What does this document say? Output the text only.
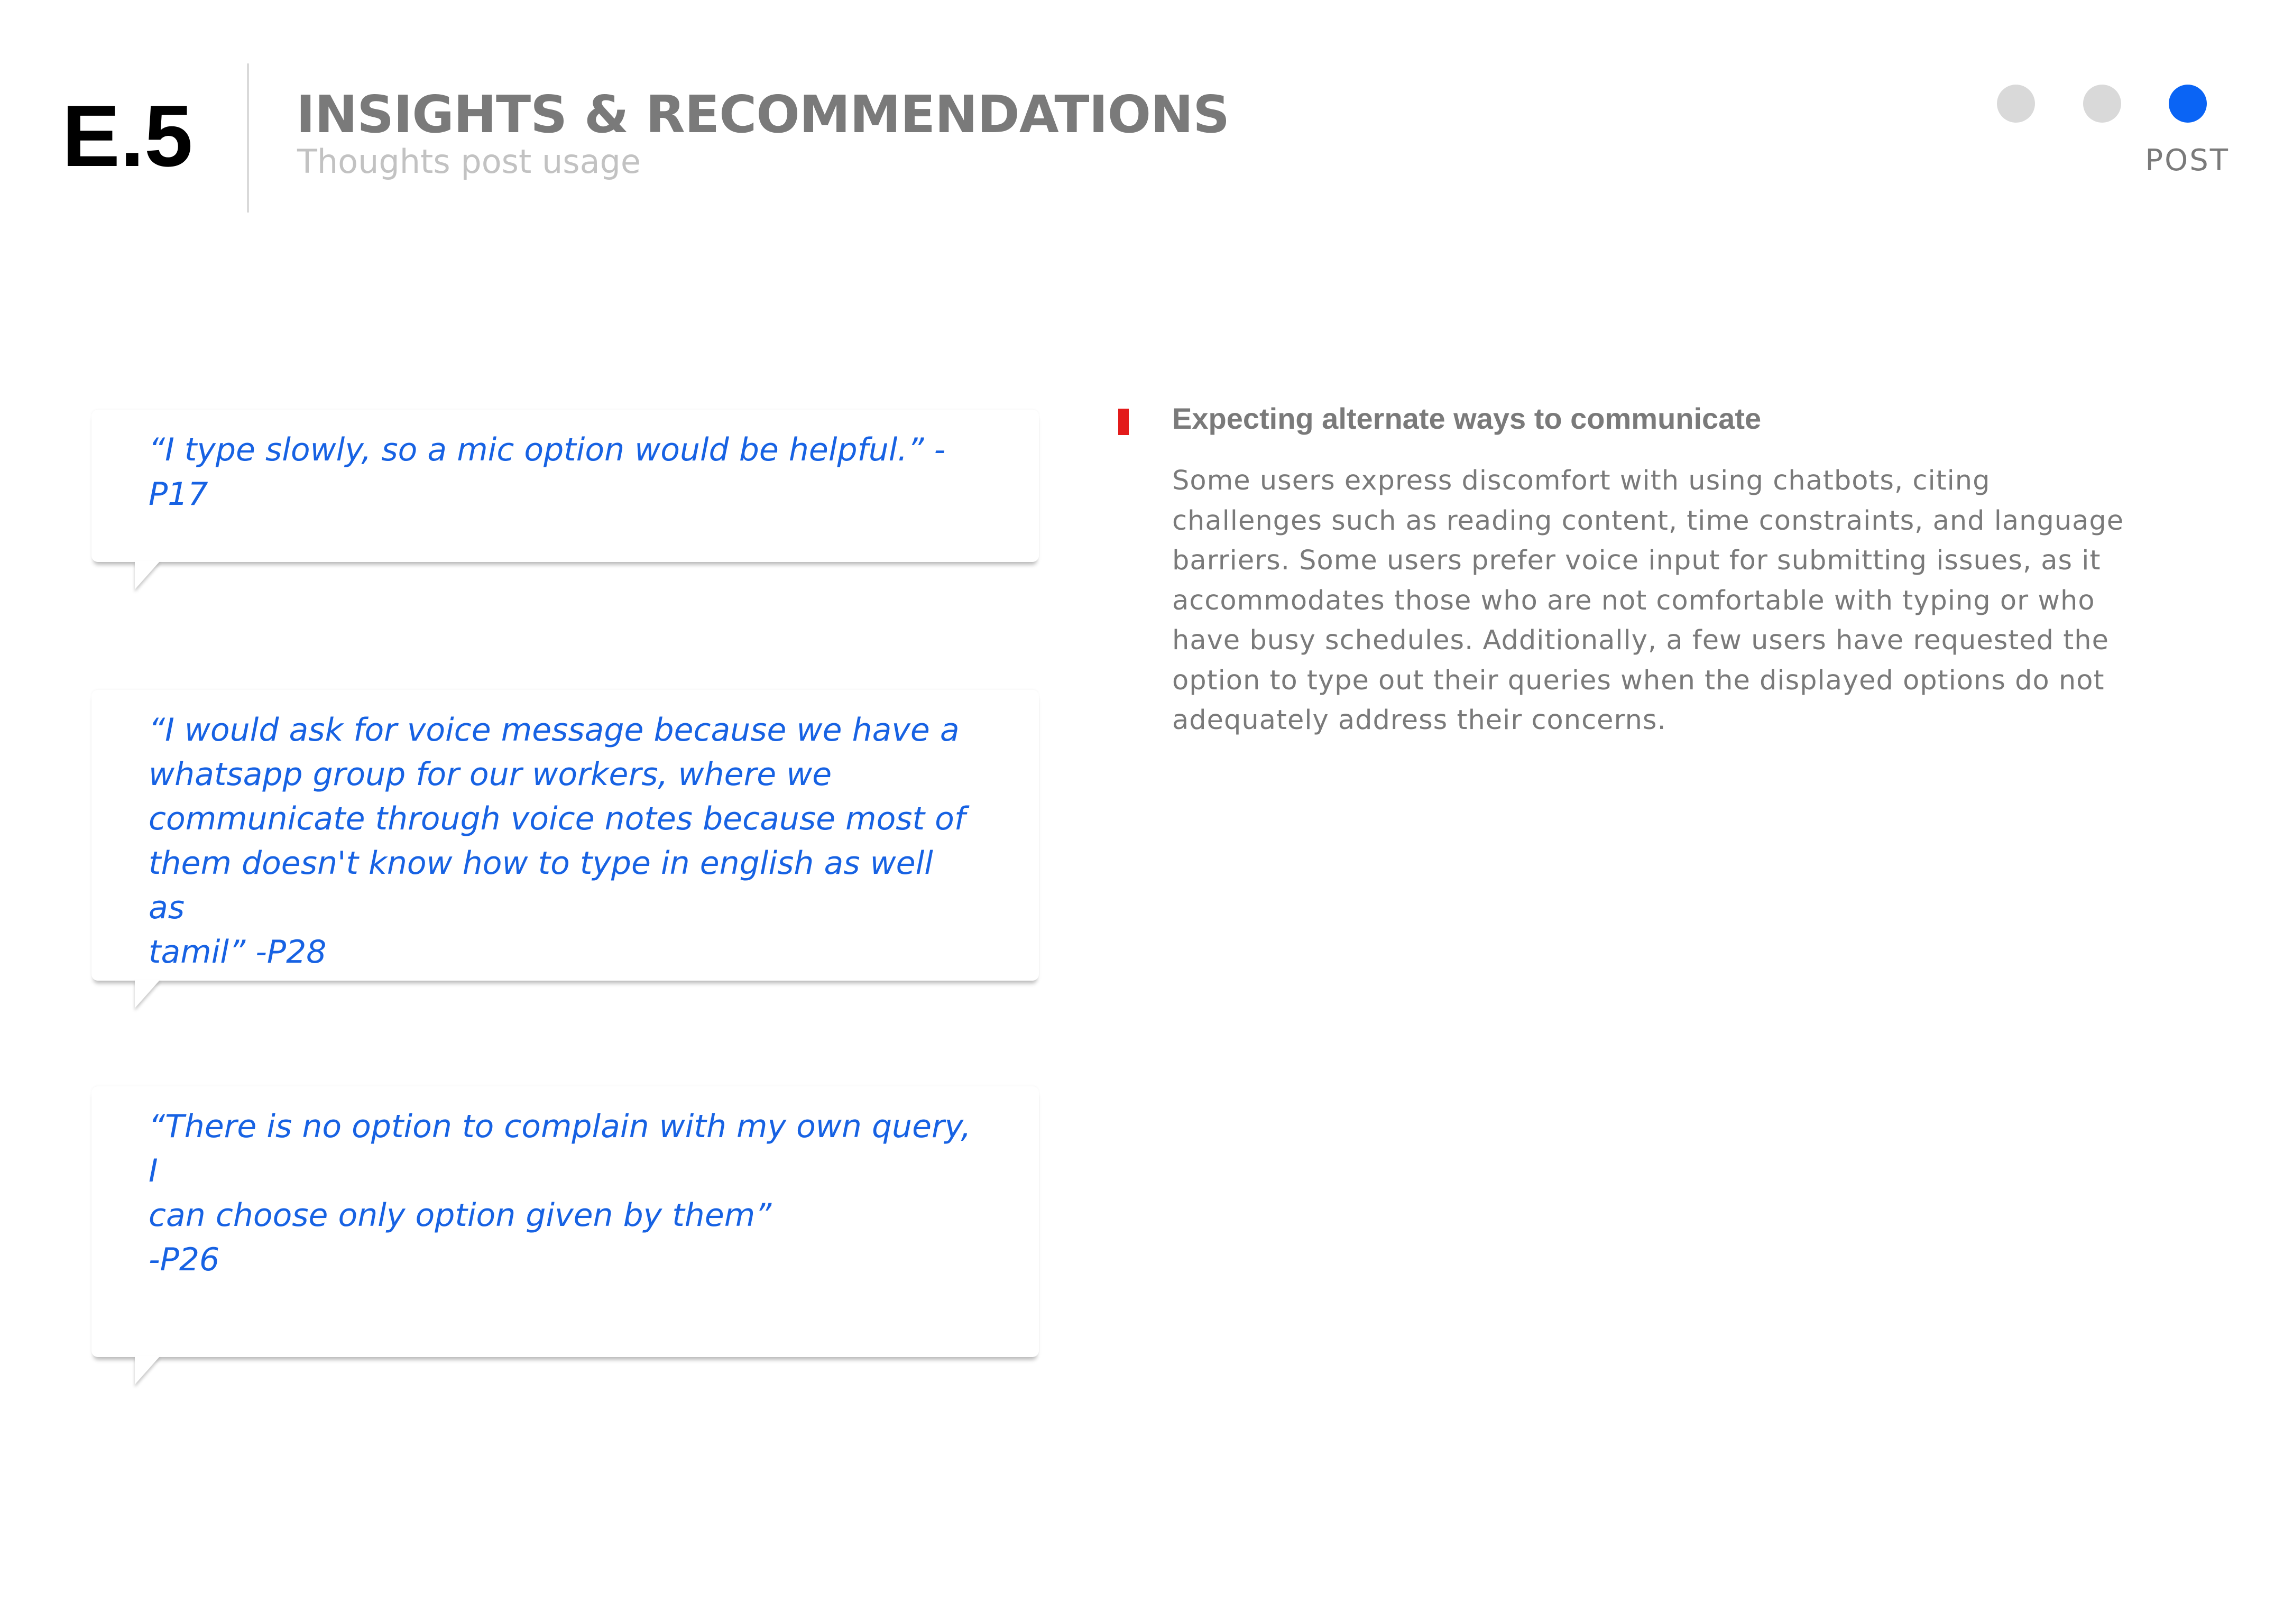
E.5 INSIGHTS & RECOMMENDATIONS
Thoughts post usage	POST

“I type slowly, so a mic option would be helpful.” -
P17

“I would ask for voice message because we have a
whatsapp group for our workers, where we
communicate through voice notes because most of
them doesn't know how to type in english as well as
tamil” -P28

“There is no option to complain with my own query, I
can choose only option given by them”
-P26

Expecting alternate ways to communicate

Some users express discomfort with using chatbots, citing
challenges such as reading content, time constraints, and language
barriers. Some users prefer voice input for submitting issues, as it
accommodates those who are not comfortable with typing or who
have busy schedules. Additionally, a few users have requested the
option to type out their queries when the displayed options do not
adequately address their concerns.
